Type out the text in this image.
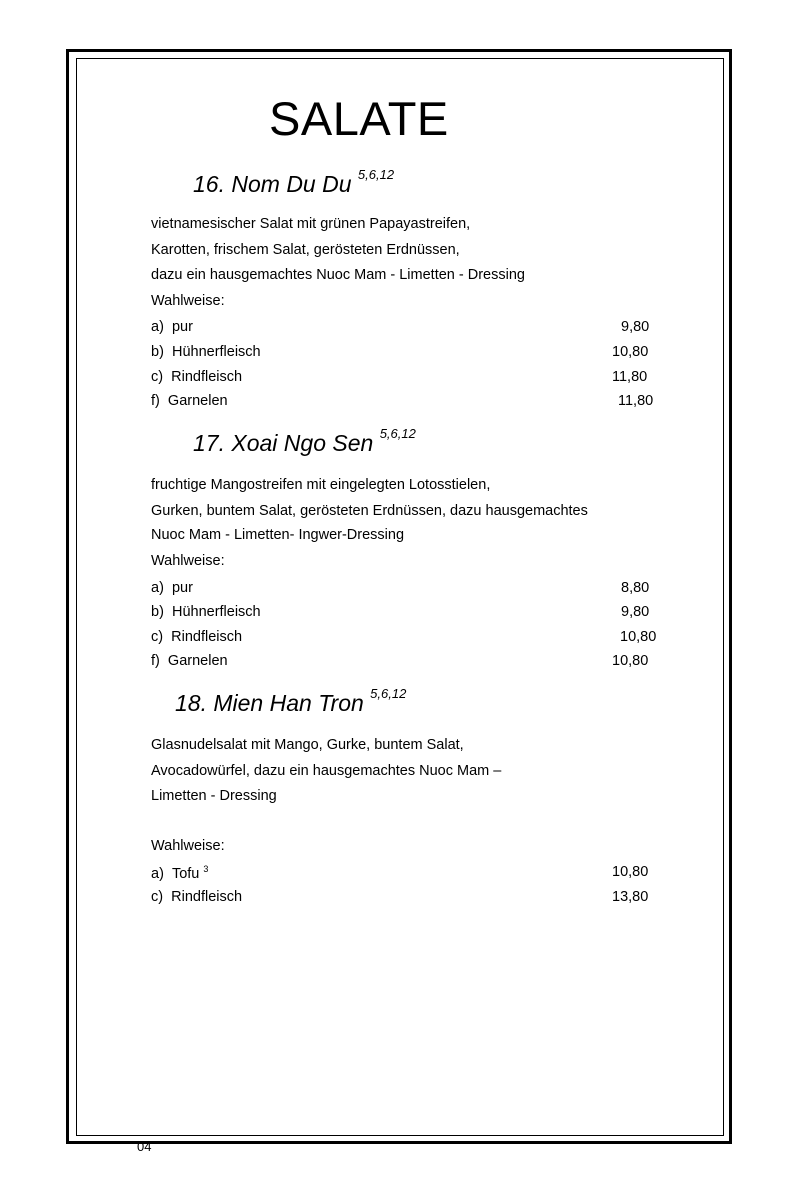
SALATE
16. Nom Du Du $^{5,6,12}$
vietnamesischer Salat mit grünen Papayastreifen,
Karotten, frischem Salat, gerösteten Erdnüssen,
dazu ein hausgemachtes Nuoc Mam - Limetten - Dressing
Wahlweise:
a) pur	9,80
b) Hühnerfleisch	10,80
c) Rindfleisch	11,80
f) Garnelen	11,80
17. Xoai Ngo Sen $^{5,6,12}$
fruchtige Mangostreifen mit eingelegten Lotosstielen,
Gurken, buntem Salat, gerösteten Erdnüssen, dazu hausgemachtes
Nuoc Mam - Limetten- Ingwer-Dressing
Wahlweise:
a) pur	8,80
b) Hühnerfleisch	9,80
c) Rindfleisch	10,80
f) Garnelen	10,80
18. Mien Han Tron $^{5,6,12}$
Glasnudelsalat mit Mango, Gurke, buntem Salat,
Avocadowürfel, dazu ein hausgemachtes Nuoc Mam –
Limetten - Dressing
Wahlweise:
a) Tofu $^3$	10,80
c) Rindfleisch	13,80
04
